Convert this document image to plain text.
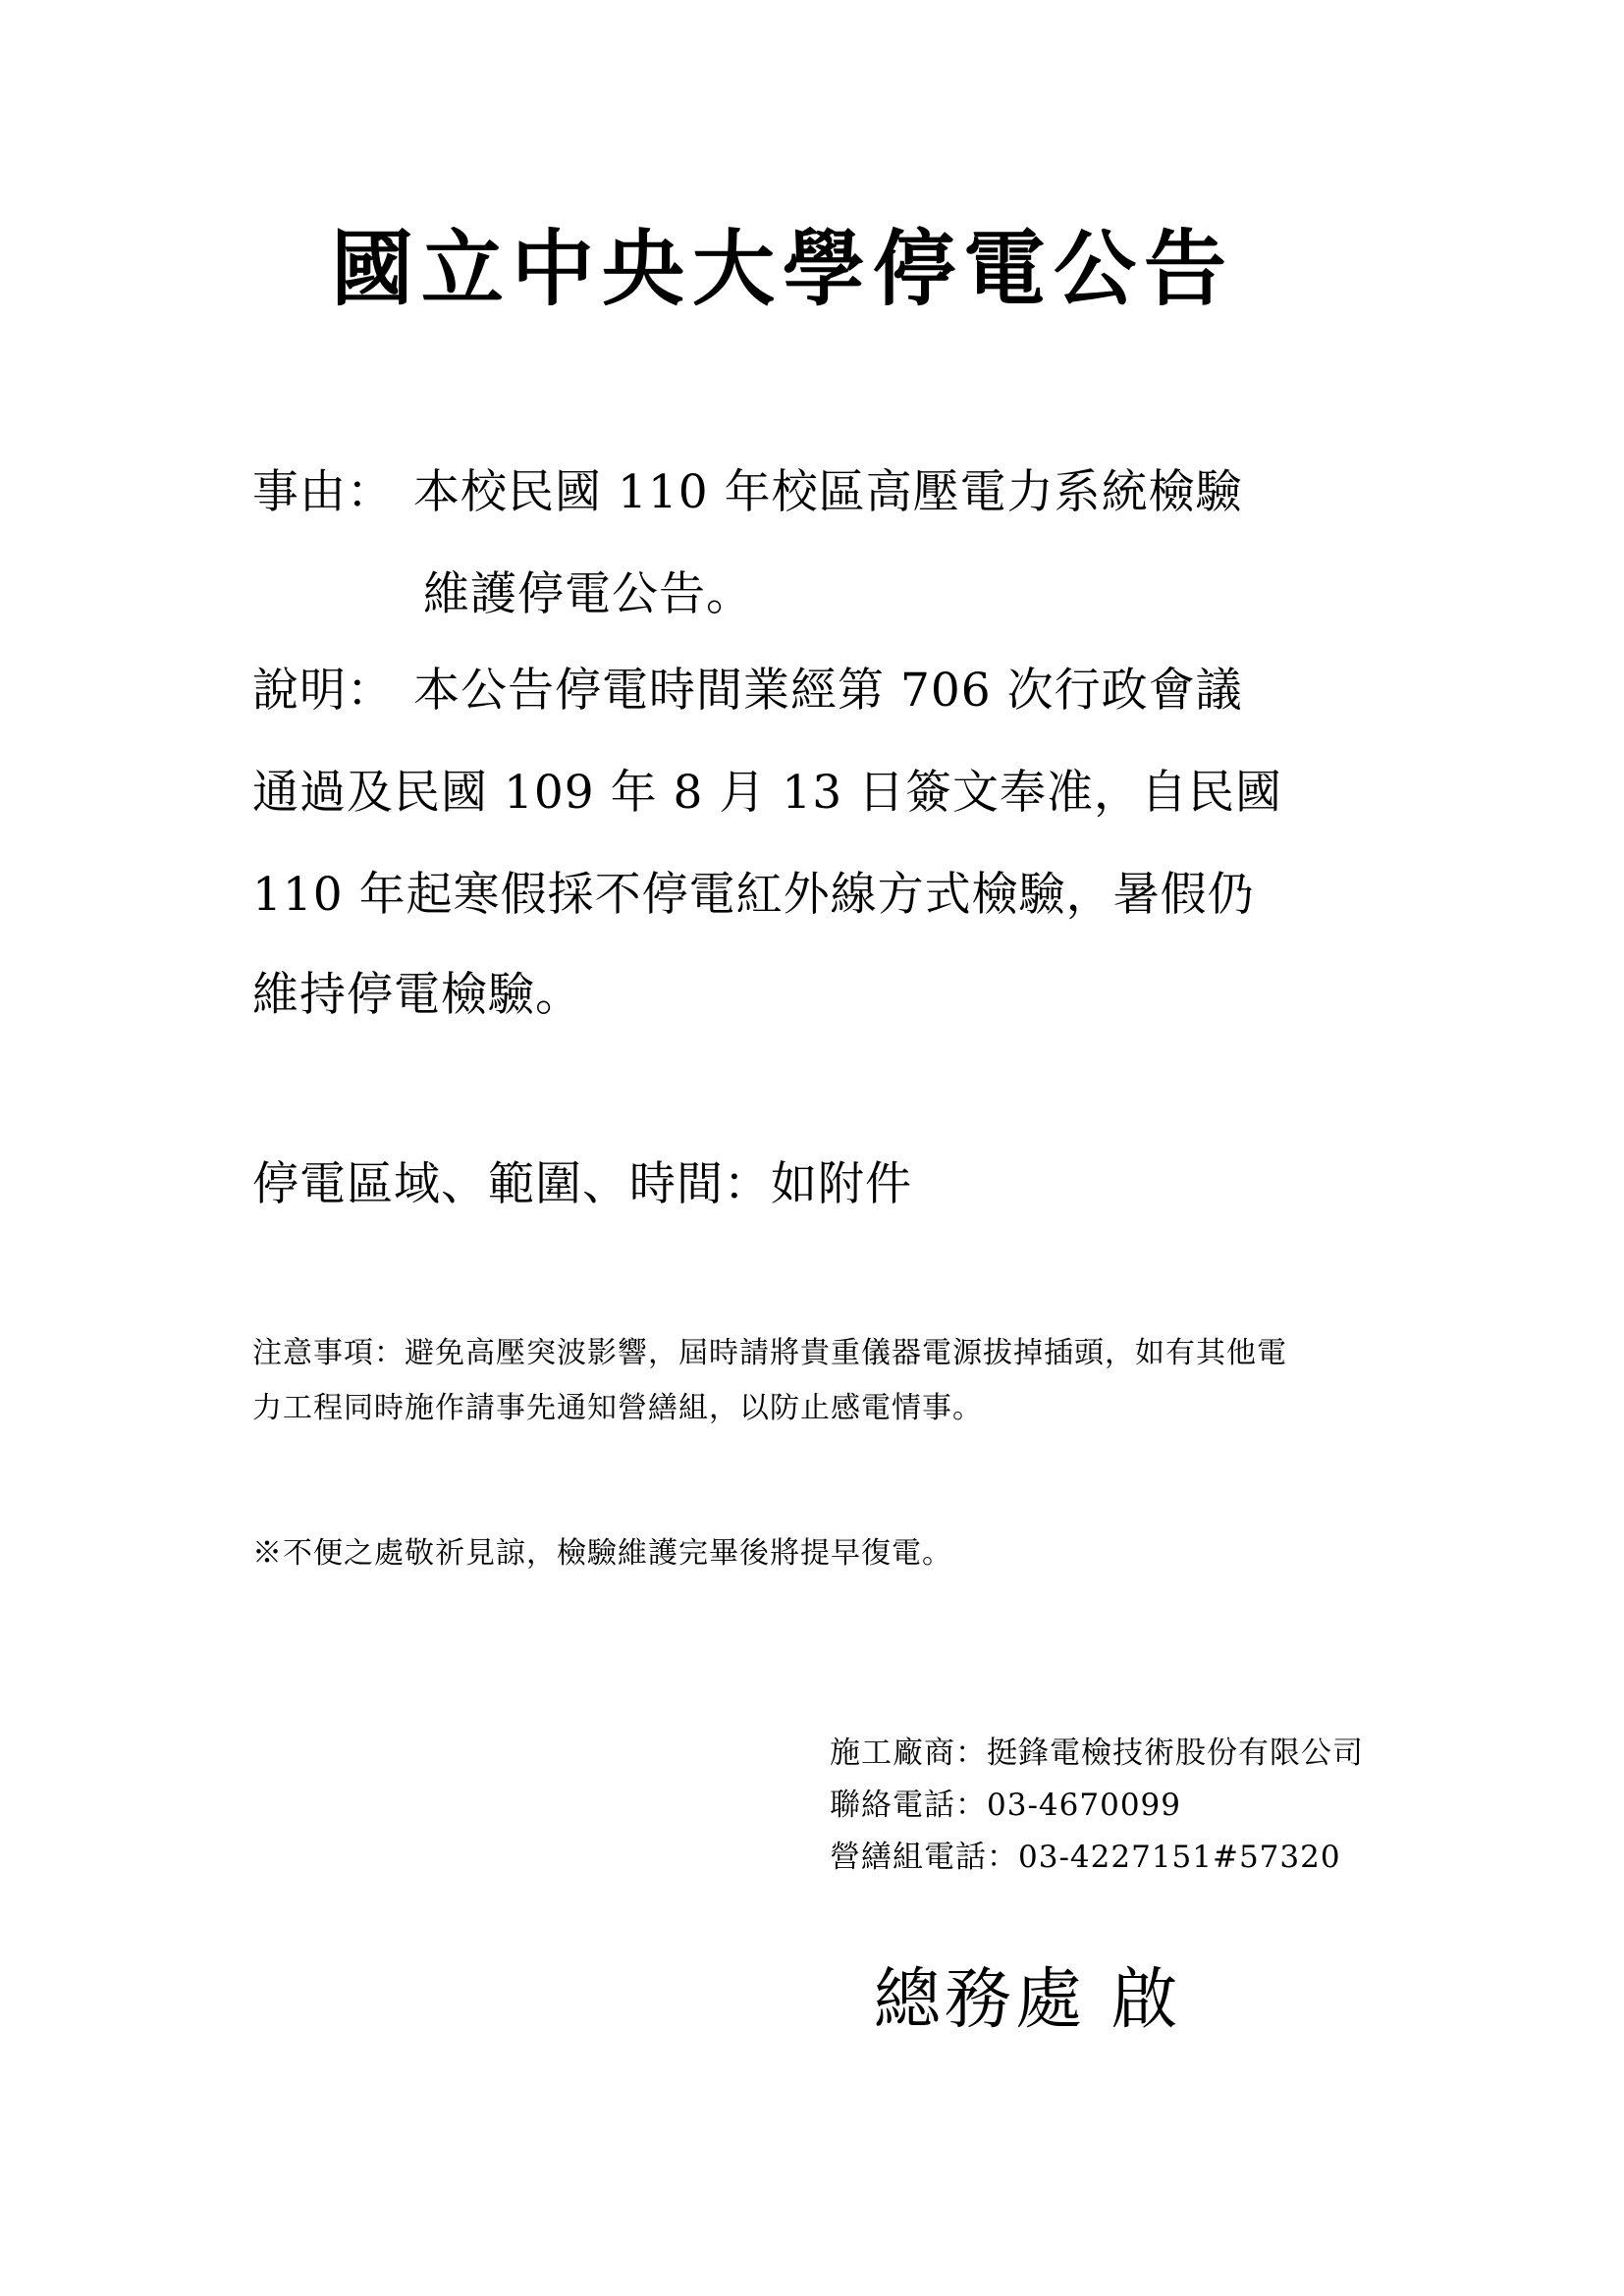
國立中央大學停電公告

事由： 本校民國 110 年校區高壓電力系統檢驗

維護停電公告。

說明： 本公告停電時間業經第 706 次行政會議

通過及民國 109 年 8 月 13 日簽文奉准，自民國

110 年起寒假採不停電紅外線方式檢驗，暑假仍

維持停電檢驗。

停電區域、範圍、時間：如附件

注意事項：避免高壓突波影響，屆時請將貴重儀器電源拔掉插頭，如有其他電

力工程同時施作請事先通知營繕組，以防止感電情事。

※不便之處敬祈見諒，檢驗維護完畢後將提早復電。

施工廠商：挺鋒電檢技術股份有限公司

聯絡電話：03-4670099

營繕組電話：03-4227151#57320

總務處 啟
